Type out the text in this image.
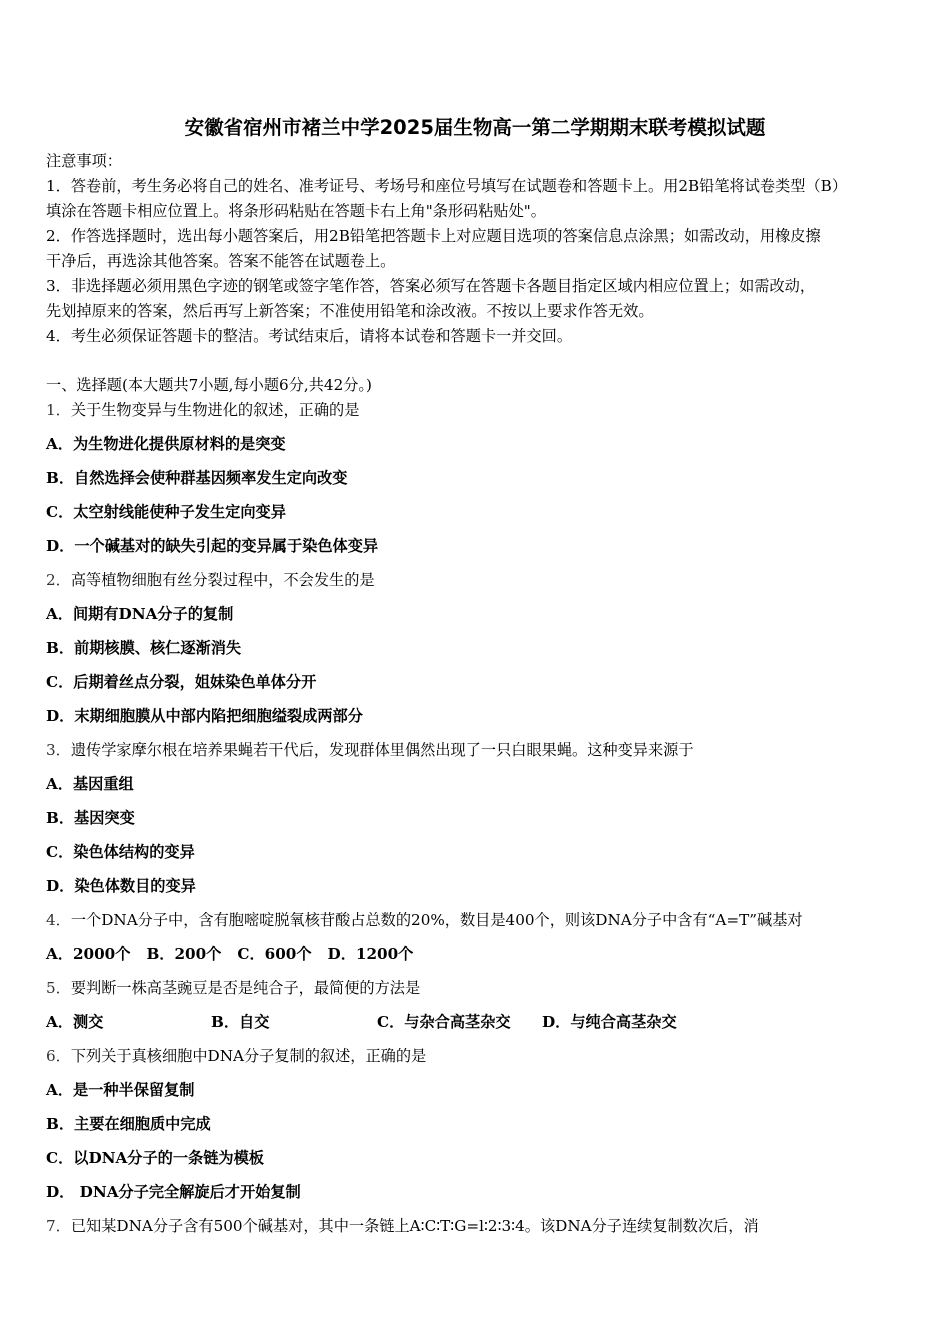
安徽省宿州市褚兰中学2025届生物高一第二学期期末联考模拟试题
注意事项：
1．答卷前，考生务必将自己的姓名、准考证号、考场号和座位号填写在试题卷和答题卡上。用2B铅笔将试卷类型（B）
填涂在答题卡相应位置上。将条形码粘贴在答题卡右上角"条形码粘贴处"。
2．作答选择题时，选出每小题答案后，用2B铅笔把答题卡上对应题目选项的答案信息点涂黑；如需改动，用橡皮擦
干净后，再选涂其他答案。答案不能答在试题卷上。
3．非选择题必须用黑色字迹的钢笔或签字笔作答，答案必须写在答题卡各题目指定区域内相应位置上；如需改动，
先划掉原来的答案，然后再写上新答案；不准使用铅笔和涂改液。不按以上要求作答无效。
4．考生必须保证答题卡的整洁。考试结束后，请将本试卷和答题卡一并交回。
一、选择题(本大题共7小题,每小题6分,共42分。)
1．关于生物变异与生物进化的叙述，正确的是
A．为生物进化提供原材料的是突变
B．自然选择会使种群基因频率发生定向改变
C．太空射线能使种子发生定向变异
D．一个碱基对的缺失引起的变异属于染色体变异
2．高等植物细胞有丝分裂过程中，不会发生的是
A．间期有DNA分子的复制
B．前期核膜、核仁逐渐消失
C．后期着丝点分裂，姐妹染色单体分开
D．末期细胞膜从中部内陷把细胞缢裂成两部分
3．遗传学家摩尔根在培养果蝇若干代后，发现群体里偶然出现了一只白眼果蝇。这种变异来源于
A．基因重组
B．基因突变
C．染色体结构的变异
D．染色体数目的变异
4．一个DNA分子中，含有胞嘧啶脱氧核苷酸占总数的20%，数目是400个，则该DNA分子中含有“A=T”碱基对
A．2000个 B．200个 C．600个 D．1200个
5．要判断一株高茎豌豆是否是纯合子，最简便的方法是
A．测交	B．自交	C．与杂合高茎杂交 D．与纯合高茎杂交
6．下列关于真核细胞中DNA分子复制的叙述，正确的是
A．是一种半保留复制
B．主要在细胞质中完成
C．以DNA分子的一条链为模板
D． DNA分子完全解旋后才开始复制
7．已知某DNA分子含有500个碱基对，其中一条链上A∶C∶T∶G=l∶2∶3∶4。该DNA分子连续复制数次后，消
